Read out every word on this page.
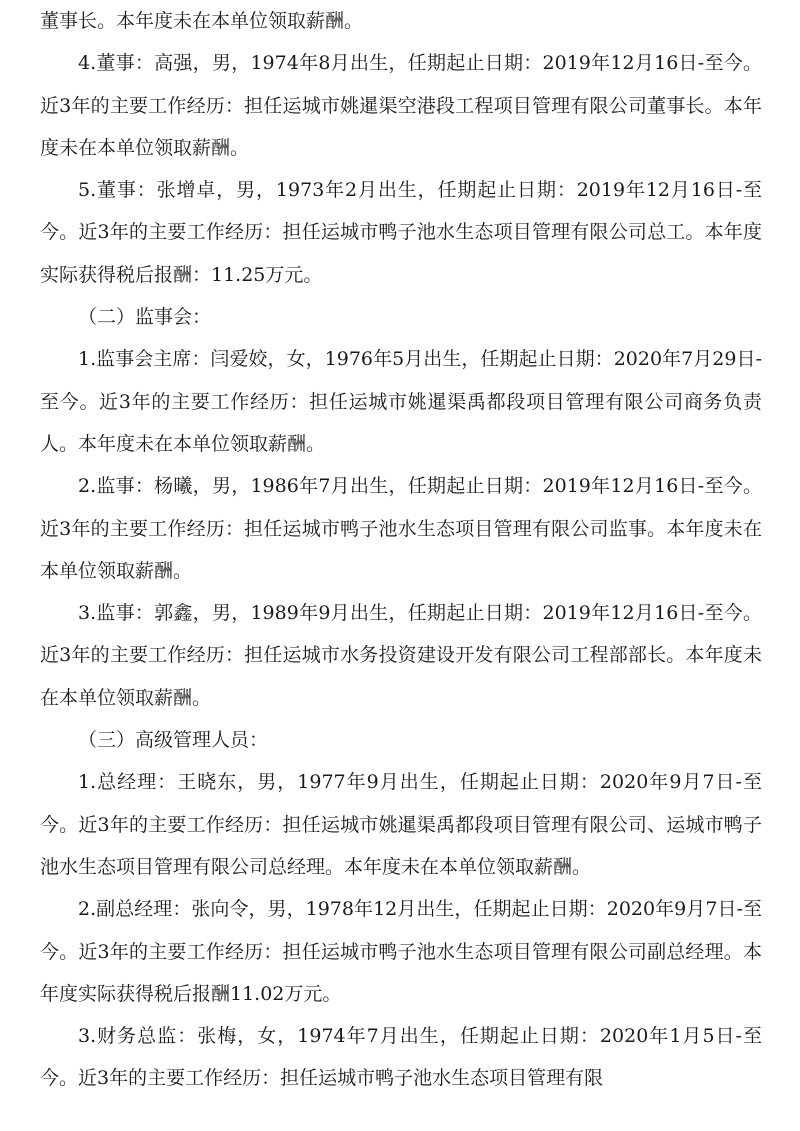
董事长。本年度未在本单位领取薪酬。

4.董事：高强，男，1974年8月出生，任期起止日期：2019年12月16日-至今。近3年的主要工作经历：担任运城市姚暹渠空港段工程项目管理有限公司董事长。本年度未在本单位领取薪酬。

5.董事：张增卓，男，1973年2月出生，任期起止日期：2019年12月16日-至今。近3年的主要工作经历：担任运城市鸭子池水生态项目管理有限公司总工。本年度实际获得税后报酬：11.25万元。

（二）监事会：

1.监事会主席：闫爱姣，女，1976年5月出生，任期起止日期：2020年7月29日-至今。近3年的主要工作经历：担任运城市姚暹渠禹都段项目管理有限公司商务负责人。本年度未在本单位领取薪酬。

2.监事：杨曦，男，1986年7月出生，任期起止日期：2019年12月16日-至今。近3年的主要工作经历：担任运城市鸭子池水生态项目管理有限公司监事。本年度未在本单位领取薪酬。

3.监事：郭鑫，男，1989年9月出生，任期起止日期：2019年12月16日-至今。近3年的主要工作经历：担任运城市水务投资建设开发有限公司工程部部长。本年度未在本单位领取薪酬。

（三）高级管理人员：

1.总经理：王晓东，男，1977年9月出生，任期起止日期：2020年9月7日-至今。近3年的主要工作经历：担任运城市姚暹渠禹都段项目管理有限公司、运城市鸭子池水生态项目管理有限公司总经理。本年度未在本单位领取薪酬。

2.副总经理：张向令，男，1978年12月出生，任期起止日期：2020年9月7日-至今。近3年的主要工作经历：担任运城市鸭子池水生态项目管理有限公司副总经理。本年度实际获得税后报酬11.02万元。

3.财务总监：张梅，女，1974年7月出生，任期起止日期：2020年1月5日-至今。近3年的主要工作经历：担任运城市鸭子池水生态项目管理有限
